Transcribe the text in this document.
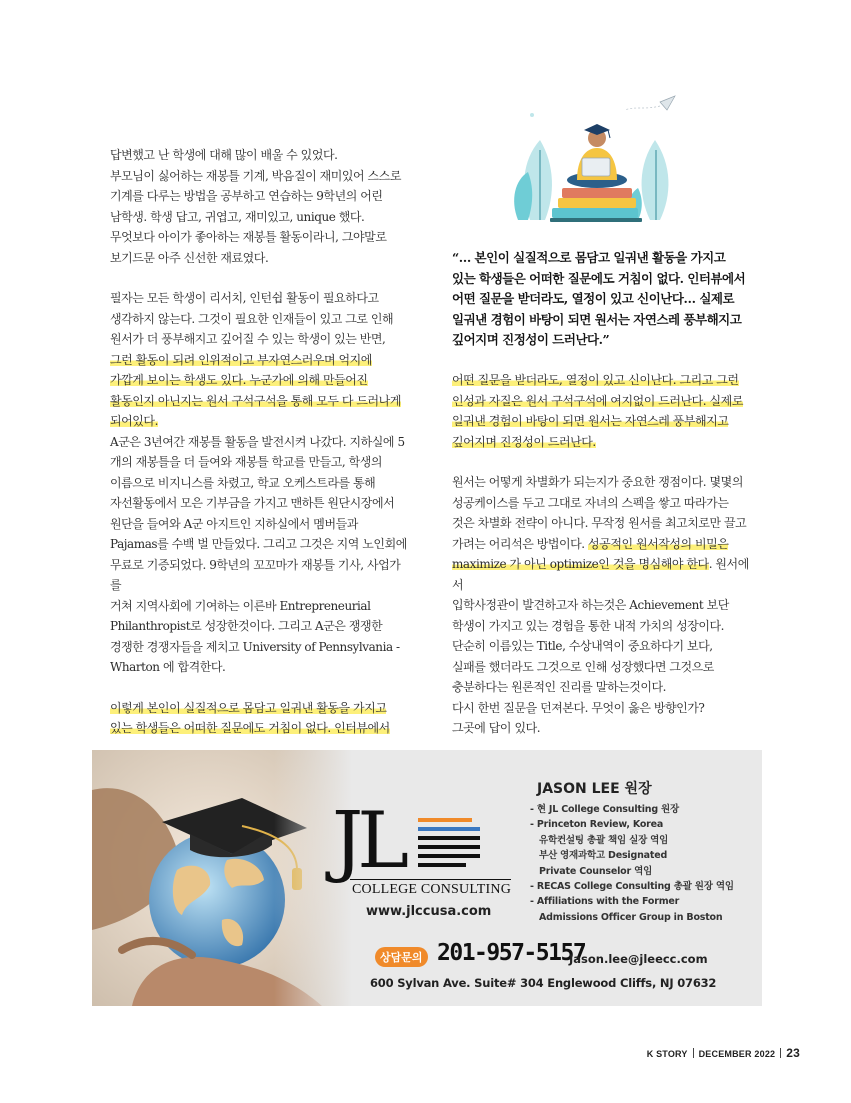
답변했고 난 학생에 대해 많이 배울 수 있었다.

부모님이 싫어하는 재봉틀 기계, 박음질이 재미있어 스스로

기계를 다루는 방법을 공부하고 연습하는 9학년의 어린

남학생. 학생 답고, 귀엽고, 재미있고, unique 했다.

무엇보다 아이가 좋아하는 재봉틀 활동이라니, 그야말로

보기드문 아주 신선한 재료였다.

필자는 모든 학생이 리서치, 인턴쉽 활동이 필요하다고

생각하지 않는다. 그것이 필요한 인재들이 있고 그로 인해

원서가 더 풍부해지고 깊어질 수 있는 학생이 있는 반면,

그런 활동이 되려 인위적이고 부자연스러우며 억지에

가깝게 보이는 학생도 있다. 누군가에 의해 만들어진

활동인지 아닌지는 원서 구석구석을 통해 모두 다 드러나게

되어있다.

A군은 3년여간 재봉틀 활동을 발전시켜 나갔다. 지하실에 5

개의 재봉틀을 더 들여와 재봉틀 학교를 만들고, 학생의

이름으로 비지니스를 차렸고, 학교 오케스트라를 통해

자선활동에서 모은 기부금을 가지고 맨하튼 원단시장에서

원단을 들여와 A군 아지트인 지하실에서 멤버들과

Pajamas를 수백 벌 만들었다. 그리고 그것은 지역 노인회에

무료로 기증되었다. 9학년의 꼬꼬마가 재봉틀 기사, 사업가를

거쳐 지역사회에 기여하는 이른바 Entrepreneurial

Philanthropist로 성장한것이다. 그리고 A군은 쟁쟁한

경쟁한 경쟁자들을 제치고 University of Pennsylvania -

Wharton 에 합격한다.

이렇게 본인이 실질적으로 몸담고 일궈낸 활동을 가지고

있는 학생들은 어떠한 질문에도 거침이 없다. 인터뷰에서

“… 본인이 실질적으로 몸담고 일궈낸 활동을 가지고
있는 학생들은 어떠한 질문에도 거침이 없다. 인터뷰에서
어떤 질문을 받더라도, 열정이 있고 신이난다… 실제로
일궈낸 경험이 바탕이 되면 원서는 자연스레 풍부해지고
깊어지며 진정성이 드러난다.”

어떤 질문을 받더라도, 열정이 있고 신이난다. 그리고 그런

인성과 자질은 원서 구석구석에 여지없이 드러난다. 실제로

일궈낸 경험이 바탕이 되면 원서는 자연스레 풍부해지고

깊어지며 진정성이 드러난다.

원서는 어떻게 차별화가 되는지가 중요한 쟁점이다. 몇몇의

성공케이스를 두고 그대로 자녀의 스펙을 쌓고 따라가는

것은 차별화 전략이 아니다. 무작정 원서를 최고치로만 끌고

가려는 어리석은 방법이다. 성공적인 원서작성의 비밀은

maximize 가 아닌 optimize인 것을 명심해야 한다. 원서에서

입학사정관이 발견하고자 하는것은 Achievement 보단

학생이 가지고 있는 경험을 통한 내적 가치의 성장이다.

단순히 이름있는 Title, 수상내역이 중요하다기 보다,

실패를 했더라도 그것으로 인해 성장했다면 그것으로

충분하다는 원론적인 진리를 말하는것이다.

다시 한번 질문을 던져본다. 무엇이 옳은 방향인가?

그곳에 답이 있다.

JL
COLLEGE CONSULTING
www.jlccusa.com
JASON LEE 원장
- 현 JL College Consulting 원장
- Princeton Review, Korea
유학컨설팅 총괄 책임 실장 역임
부산 영재과학고 Designated
Private Counselor 역임
- RECAS College Consulting 총괄 원장 역임
- Affiliations with the Former
Admissions Officer Group in Boston
상담문의 201-957-5157
Jason.lee@jleecc.com
600 Sylvan Ave. Suite# 304 Englewood Cliffs, NJ 07632
K STORY DECEMBER 2022 23
